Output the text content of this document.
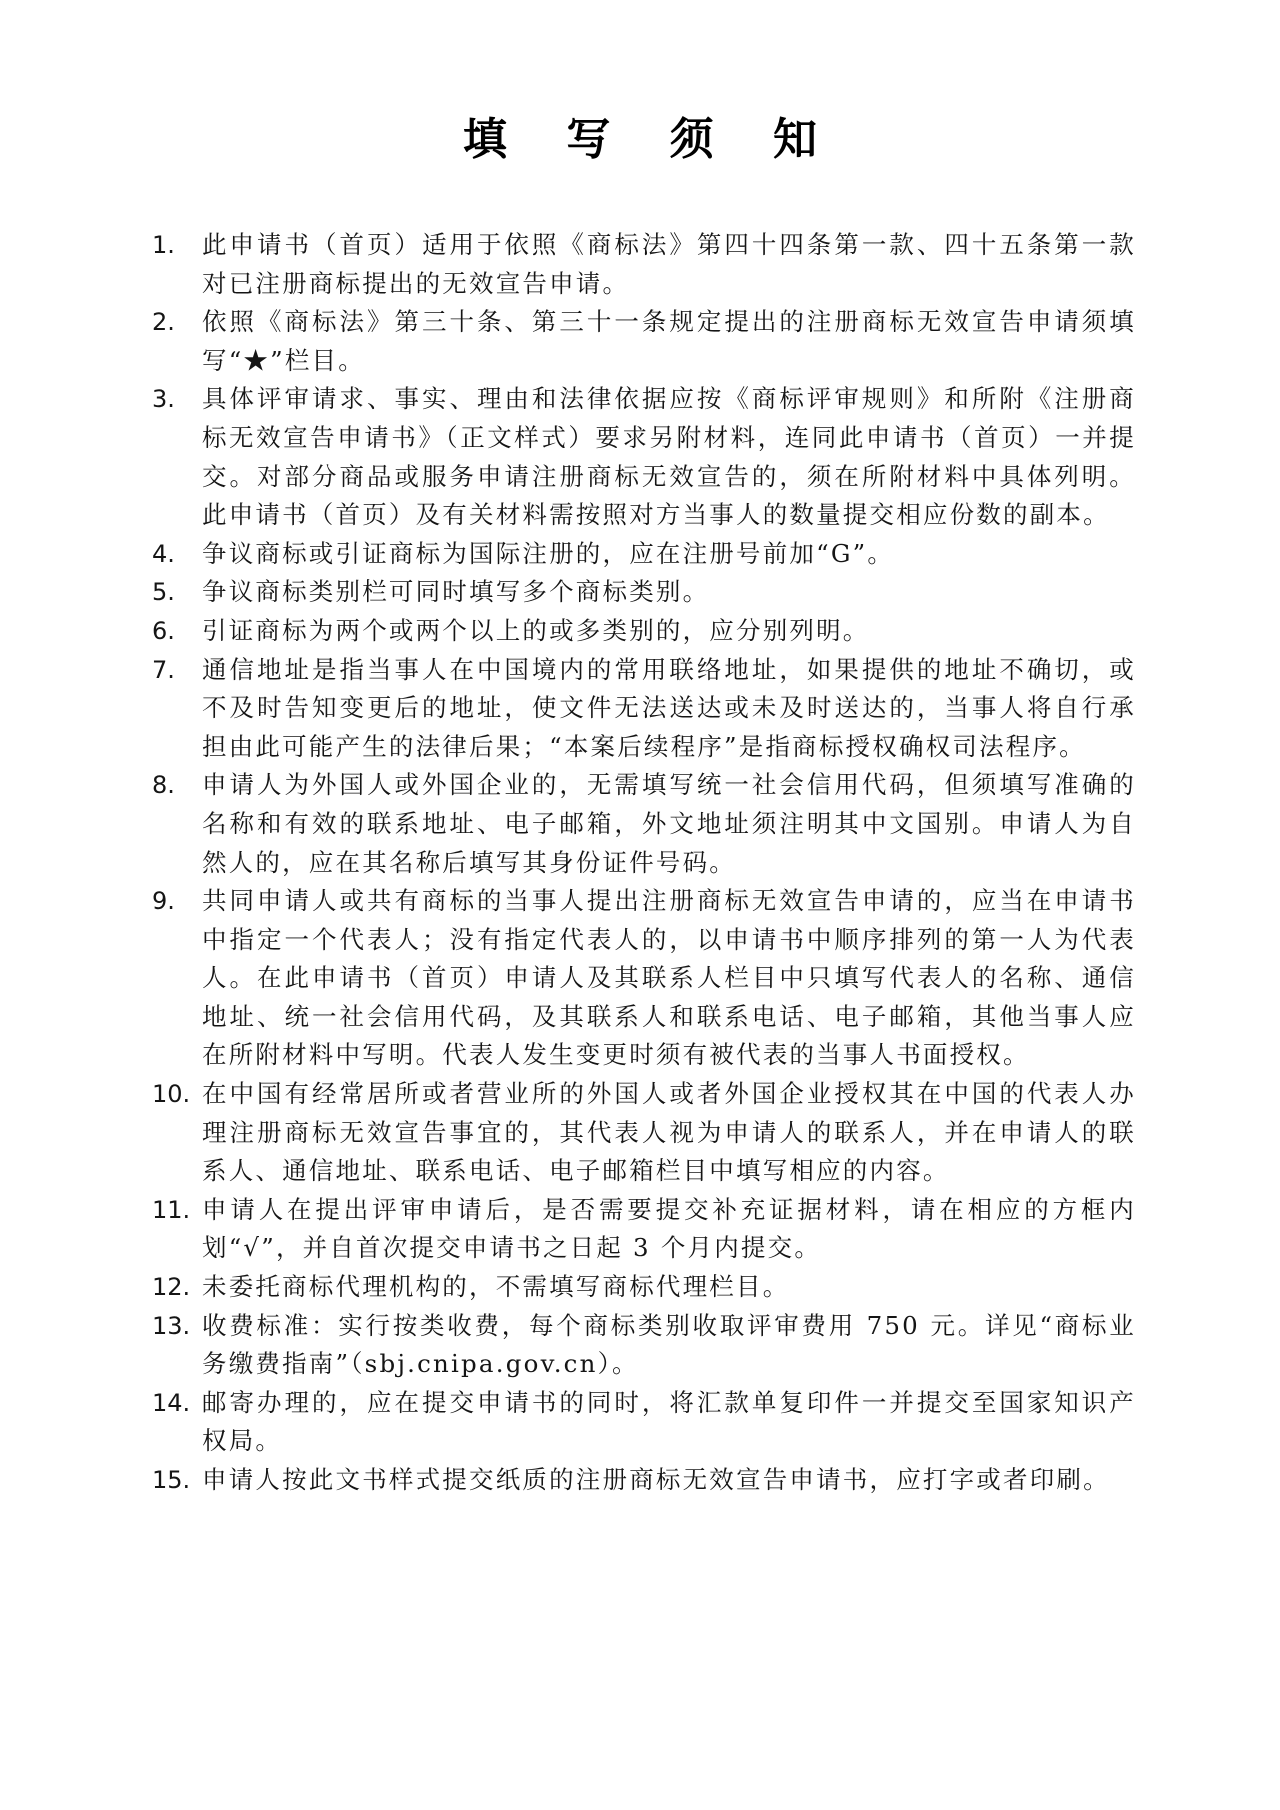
填 写 须 知
1. 此申请书（首页）适用于依照《商标法》第四十四条第一款、四十五条第一款对已注册商标提出的无效宣告申请。
2. 依照《商标法》第三十条、第三十一条规定提出的注册商标无效宣告申请须填写“★”栏目。
3. 具体评审请求、事实、理由和法律依据应按《商标评审规则》和所附《注册商标无效宣告申请书》（正文样式）要求另附材料，连同此申请书（首页）一并提交。对部分商品或服务申请注册商标无效宣告的，须在所附材料中具体列明。此申请书（首页）及有关材料需按照对方当事人的数量提交相应份数的副本。
4. 争议商标或引证商标为国际注册的，应在注册号前加“G”。
5. 争议商标类别栏可同时填写多个商标类别。
6. 引证商标为两个或两个以上的或多类别的，应分别列明。
7. 通信地址是指当事人在中国境内的常用联络地址，如果提供的地址不确切，或不及时告知变更后的地址，使文件无法送达或未及时送达的，当事人将自行承担由此可能产生的法律后果；“本案后续程序”是指商标授权确权司法程序。
8. 申请人为外国人或外国企业的，无需填写统一社会信用代码，但须填写准确的名称和有效的联系地址、电子邮箱，外文地址须注明其中文国别。申请人为自然人的，应在其名称后填写其身份证件号码。
9. 共同申请人或共有商标的当事人提出注册商标无效宣告申请的，应当在申请书中指定一个代表人；没有指定代表人的，以申请书中顺序排列的第一人为代表人。在此申请书（首页）申请人及其联系人栏目中只填写代表人的名称、通信地址、统一社会信用代码，及其联系人和联系电话、电子邮箱，其他当事人应在所附材料中写明。代表人发生变更时须有被代表的当事人书面授权。
10. 在中国有经常居所或者营业所的外国人或者外国企业授权其在中国的代表人办理注册商标无效宣告事宜的，其代表人视为申请人的联系人，并在申请人的联系人、通信地址、联系电话、电子邮箱栏目中填写相应的内容。
11. 申请人在提出评审申请后，是否需要提交补充证据材料，请在相应的方框内划“√”，并自首次提交申请书之日起 3 个月内提交。
12. 未委托商标代理机构的，不需填写商标代理栏目。
13. 收费标准：实行按类收费，每个商标类别收取评审费用 750 元。详见“商标业务缴费指南”（sbj.cnipa.gov.cn）。
14. 邮寄办理的，应在提交申请书的同时，将汇款单复印件一并提交至国家知识产权局。
15. 申请人按此文书样式提交纸质的注册商标无效宣告申请书，应打字或者印刷。
